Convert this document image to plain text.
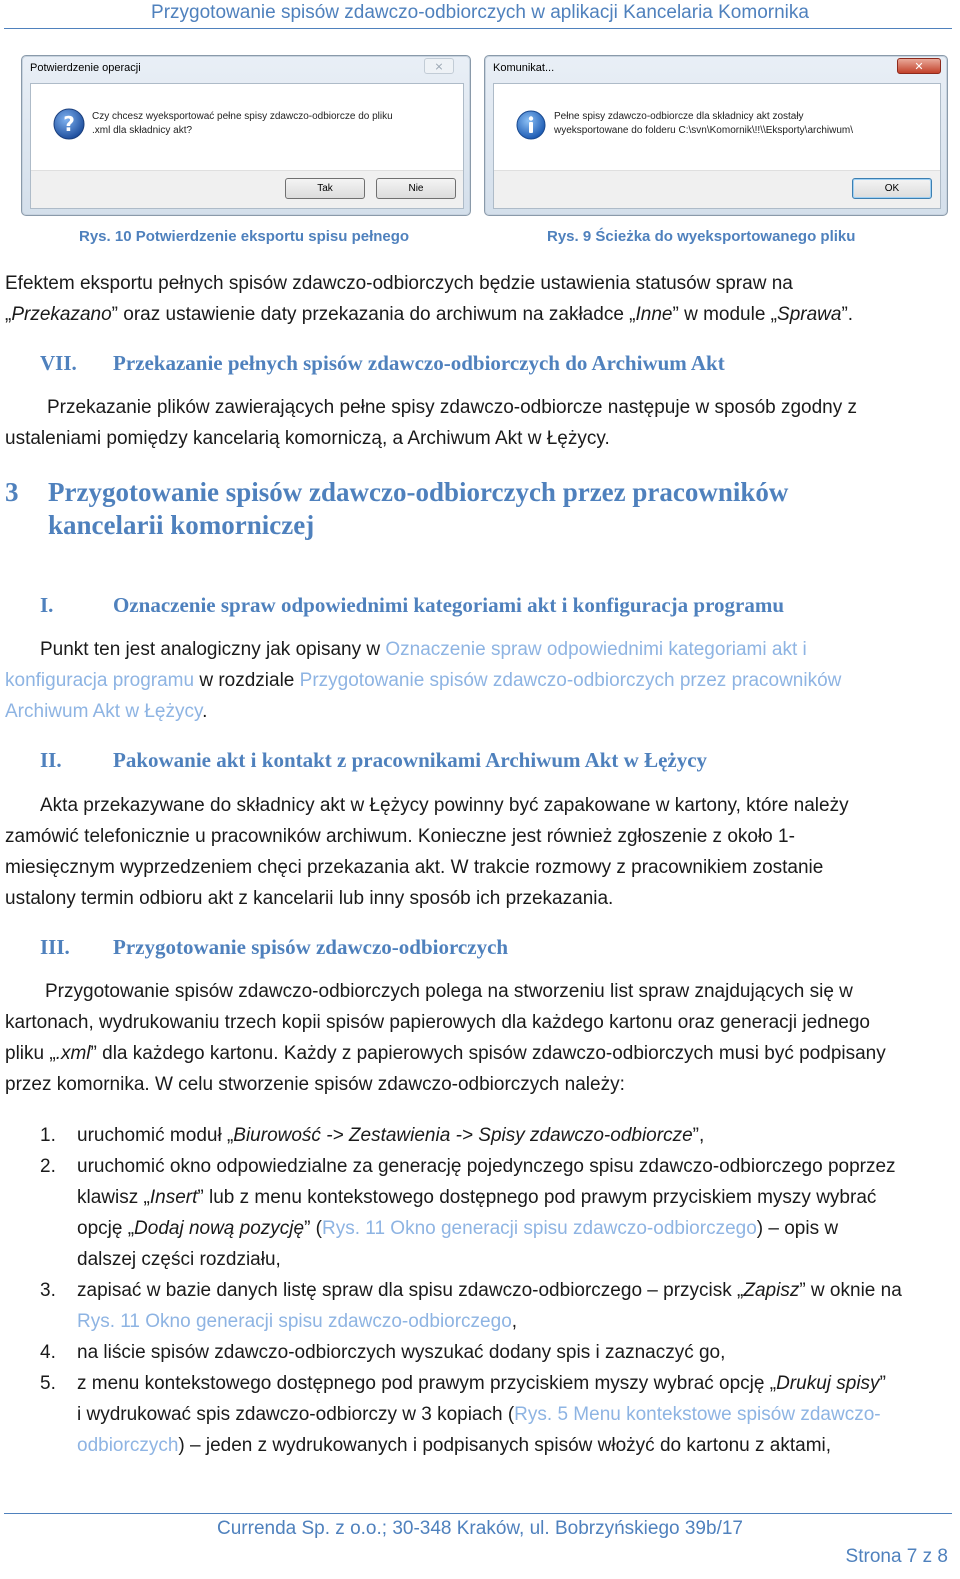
Przygotowanie spisów zdawczo-odbiorczych w aplikacji Kancelaria Komornika
Potwierdzenie operacji	⨯
? Czy chcesz wyeksportować pełne spisy zdawczo-odbiorcze do pliku
.xml dla składnicy akt?
Tak	Nie
Komunikat...	✕
Pełne spisy zdawczo-odbiorcze dla składnicy akt zostały
wyeksportowane do folderu C:\svn\Komornik\!!\\Eksporty\archiwum\
OK
Rys. 10 Potwierdzenie eksportu spisu pełnego	Rys. 9 Ścieżka do wyeksportowanego pliku
Efektem eksportu pełnych spisów zdawczo-odbiorczych będzie ustawienia statusów spraw na
„Przekazano” oraz ustawienie daty przekazania do archiwum na zakładce „Inne” w module „Sprawa”.
VII. Przekazanie pełnych spisów zdawczo-odbiorczych do Archiwum Akt
Przekazanie plików zawierających pełne spisy zdawczo-odbiorcze następuje w sposób zgodny z
ustaleniami pomiędzy kancelarią komorniczą, a Archiwum Akt w Łężycy.
3 Przygotowanie spisów zdawczo-odbiorczych przez pracowników
kancelarii komorniczej
I.	Oznaczenie spraw odpowiednimi kategoriami akt i konfiguracja programu
Punkt ten jest analogiczny jak opisany w Oznaczenie spraw odpowiednimi kategoriami akt i
konfiguracja programu w rozdziale Przygotowanie spisów zdawczo-odbiorczych przez pracowników
Archiwum Akt w Łężycy.
II. Pakowanie akt i kontakt z pracownikami Archiwum Akt w Łężycy
Akta przekazywane do składnicy akt w Łężycy powinny być zapakowane w kartony, które należy
zamówić telefonicznie u pracowników archiwum. Konieczne jest również zgłoszenie z około 1-
miesięcznym wyprzedzeniem chęci przekazania akt. W trakcie rozmowy z pracownikiem zostanie
ustalony termin odbioru akt z kancelarii lub inny sposób ich przekazania.
III. Przygotowanie spisów zdawczo-odbiorczych
Przygotowanie spisów zdawczo-odbiorczych polega na stworzeniu list spraw znajdujących się w
kartonach, wydrukowaniu trzech kopii spisów papierowych dla każdego kartonu oraz generacji jednego
pliku „.xml” dla każdego kartonu. Każdy z papierowych spisów zdawczo-odbiorczych musi być podpisany
przez komornika. W celu stworzenie spisów zdawczo-odbiorczych należy:
1. uruchomić moduł „Biurowość -> Zestawienia -> Spisy zdawczo-odbiorcze”,
2. uruchomić okno odpowiedzialne za generację pojedynczego spisu zdawczo-odbiorczego poprzez
klawisz „Insert” lub z menu kontekstowego dostępnego pod prawym przyciskiem myszy wybrać
opcję „Dodaj nową pozycję” (Rys. 11 Okno generacji spisu zdawczo-odbiorczego) – opis w
dalszej części rozdziału,
3. zapisać w bazie danych listę spraw dla spisu zdawczo-odbiorczego – przycisk „Zapisz” w oknie na
Rys. 11 Okno generacji spisu zdawczo-odbiorczego,
4. na liście spisów zdawczo-odbiorczych wyszukać dodany spis i zaznaczyć go,
5. z menu kontekstowego dostępnego pod prawym przyciskiem myszy wybrać opcję „Drukuj spisy”
i wydrukować spis zdawczo-odbiorczy w 3 kopiach (Rys. 5 Menu kontekstowe spisów zdawczo-
odbiorczych) – jeden z wydrukowanych i podpisanych spisów włożyć do kartonu z aktami,
Currenda Sp. z o.o.; 30-348 Kraków, ul. Bobrzyńskiego 39b/17
Strona 7 z 8
